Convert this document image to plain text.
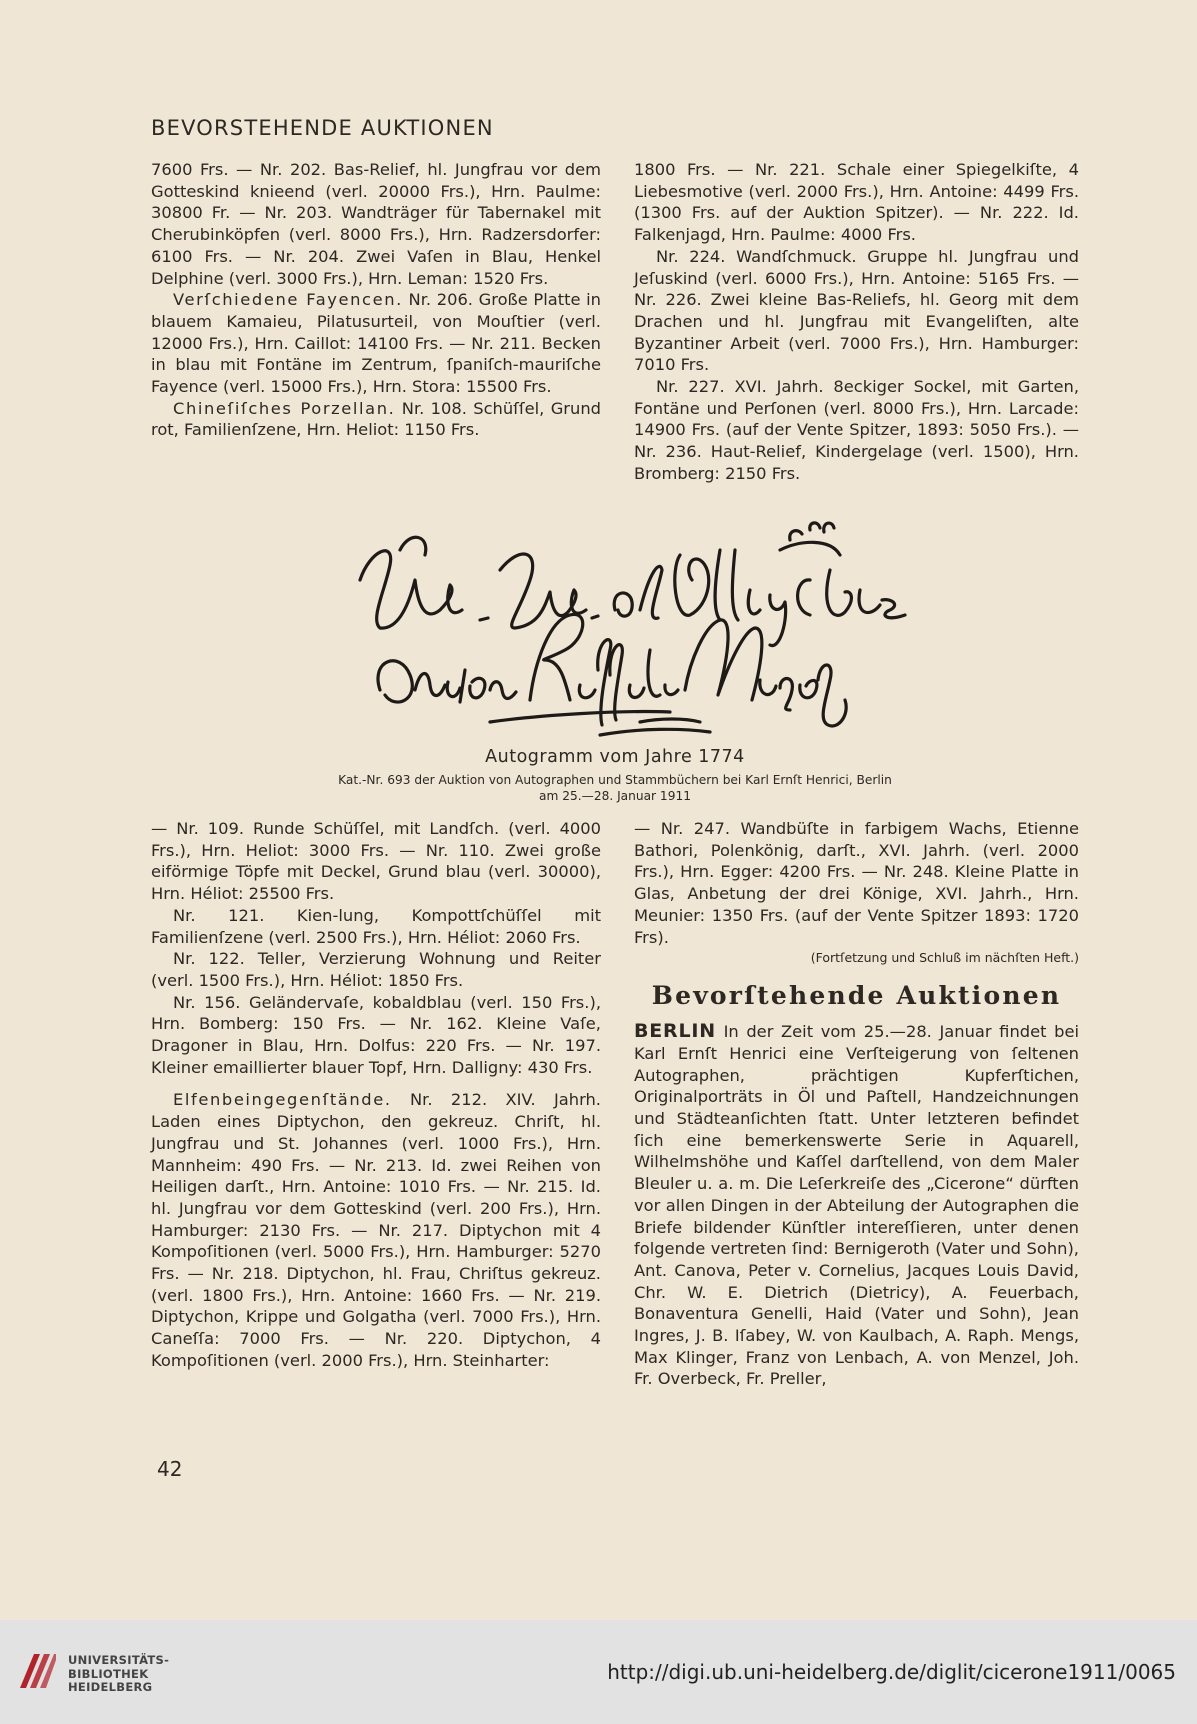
BEVORSTEHENDE AUKTIONEN

7600 Frs. — Nr. 202. Bas-Relief, hl. Jungfrau vor dem Gotteskind knieend (verl. 20000 Frs.), Hrn. Paulme: 30800 Fr. — Nr. 203. Wandträger für Tabernakel mit Cherubinköpfen (verl. 8000 Frs.), Hrn. Radzersdorfer: 6100 Frs. — Nr. 204. Zwei Vaſen in Blau, Henkel Delphine (verl. 3000 Frs.), Hrn. Leman: 1520 Frs.

Verſchiedene Fayencen. Nr. 206. Große Platte in blauem Kamaieu, Pilatusurteil, von Mouſtier (verl. 12000 Frs.), Hrn. Caillot: 14100 Frs. — Nr. 211. Becken in blau mit Fontäne im Zentrum, ſpaniſch-mauriſche Fayence (verl. 15000 Frs.), Hrn. Stora: 15500 Frs.

Chineſiſches Porzellan. Nr. 108. Schüſſel, Grund rot, Familienſzene, Hrn. Heliot: 1150 Frs.

1800 Frs. — Nr. 221. Schale einer Spiegelkiſte, 4 Liebesmotive (verl. 2000 Frs.), Hrn. Antoine: 4499 Frs. (1300 Frs. auf der Auktion Spitzer). — Nr. 222. Id. Falkenjagd, Hrn. Paulme: 4000 Frs.

Nr. 224. Wandſchmuck. Gruppe hl. Jungfrau und Jeſuskind (verl. 6000 Frs.), Hrn. Antoine: 5165 Frs. — Nr. 226. Zwei kleine Bas-Reliefs, hl. Georg mit dem Drachen und hl. Jungfrau mit Evangeliſten, alte Byzantiner Arbeit (verl. 7000 Frs.), Hrn. Hamburger: 7010 Frs.

Nr. 227. XVI. Jahrh. 8eckiger Sockel, mit Garten, Fontäne und Perſonen (verl. 8000 Frs.), Hrn. Larcade: 14900 Frs. (auf der Vente Spitzer, 1893: 5050 Frs.). — Nr. 236. Haut-Relief, Kindergelage (verl. 1500), Hrn. Bromberg: 2150 Frs.

Autogramm vom Jahre 1774
Kat.-Nr. 693 der Auktion von Autographen und Stammbüchern bei Karl Ernſt Henrici, Berlin
am 25.—28. Januar 1911

— Nr. 109. Runde Schüſſel, mit Landſch. (verl. 4000 Frs.), Hrn. Heliot: 3000 Frs. — Nr. 110. Zwei große eiförmige Töpfe mit Deckel, Grund blau (verl. 30000), Hrn. Héliot: 25500 Frs.

Nr. 121. Kien-lung, Kompottſchüſſel mit Familienſzene (verl. 2500 Frs.), Hrn. Héliot: 2060 Frs.

Nr. 122. Teller, Verzierung Wohnung und Reiter (verl. 1500 Frs.), Hrn. Héliot: 1850 Frs.

Nr. 156. Geländervaſe, kobaldblau (verl. 150 Frs.), Hrn. Bomberg: 150 Frs. — Nr. 162. Kleine Vaſe, Dragoner in Blau, Hrn. Dolfus: 220 Frs. — Nr. 197. Kleiner emaillierter blauer Topf, Hrn. Dalligny: 430 Frs.

Elfenbeingegenſtände. Nr. 212. XIV. Jahrh. Laden eines Diptychon, den gekreuz. Chriſt, hl. Jungfrau und St. Johannes (verl. 1000 Frs.), Hrn. Mannheim: 490 Frs. — Nr. 213. Id. zwei Reihen von Heiligen darſt., Hrn. Antoine: 1010 Frs. — Nr. 215. Id. hl. Jungfrau vor dem Gotteskind (verl. 200 Frs.), Hrn. Hamburger: 2130 Frs. — Nr. 217. Diptychon mit 4 Kompoſitionen (verl. 5000 Frs.), Hrn. Hamburger: 5270 Frs. — Nr. 218. Diptychon, hl. Frau, Chriſtus gekreuz. (verl. 1800 Frs.), Hrn. Antoine: 1660 Frs. — Nr. 219. Diptychon, Krippe und Golgatha (verl. 7000 Frs.), Hrn. Caneſſa: 7000 Frs. — Nr. 220. Diptychon, 4 Kompoſitionen (verl. 2000 Frs.), Hrn. Steinharter:

— Nr. 247. Wandbüſte in farbigem Wachs, Etienne Bathori, Polenkönig, darſt., XVI. Jahrh. (verl. 2000 Frs.), Hrn. Egger: 4200 Frs. — Nr. 248. Kleine Platte in Glas, Anbetung der drei Könige, XVI. Jahrh., Hrn. Meunier: 1350 Frs. (auf der Vente Spitzer 1893: 1720 Frs).

(Fortſetzung und Schluß im nächſten Heft.)

Bevorſtehende Auktionen

BERLIN In der Zeit vom 25.—28. Januar findet bei Karl Ernſt Henrici eine Verſteigerung von ſeltenen Autographen, prächtigen Kupferſtichen, Originalporträts in Öl und Paſtell, Handzeichnungen und Städteanſichten ſtatt. Unter letzteren befindet ſich eine bemerkenswerte Serie in Aquarell, Wilhelmshöhe und Kaſſel darſtellend, von dem Maler Bleuler u. a. m. Die Leſerkreiſe des „Cicerone“ dürften vor allen Dingen in der Abteilung der Autographen die Briefe bildender Künſtler intereſſieren, unter denen folgende vertreten ſind: Bernigeroth (Vater und Sohn), Ant. Canova, Peter v. Cornelius, Jacques Louis David, Chr. W. E. Dietrich (Dietricy), A. Feuerbach, Bonaventura Genelli, Haid (Vater und Sohn), Jean Ingres, J. B. Iſabey, W. von Kaulbach, A. Raph. Mengs, Max Klinger, Franz von Lenbach, A. von Menzel, Joh. Fr. Overbeck, Fr. Preller,

42
UNIVERSITÄTS-
BIBLIOTHEK
HEIDELBERG
http://digi.ub.uni-heidelberg.de/diglit/cicerone1911/0065
